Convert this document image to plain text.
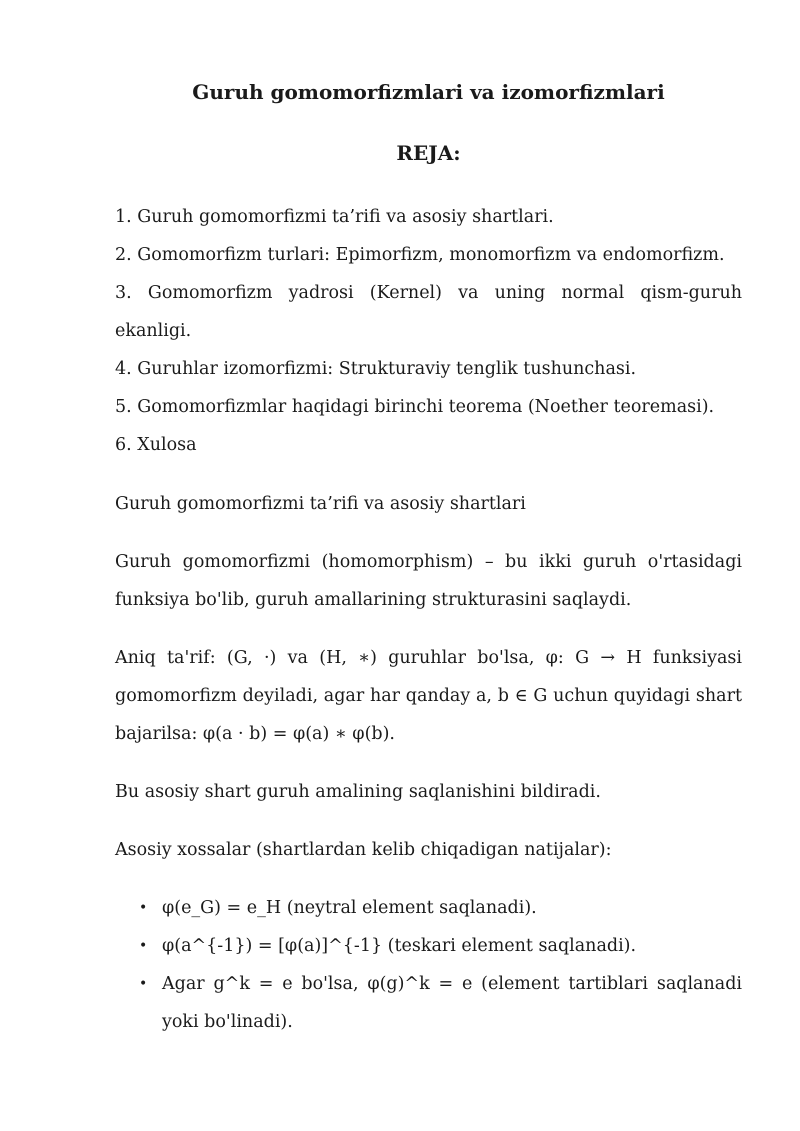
Guruh gomomorfizmlari va izomorfizmlari
REJA:
1. Guruh gomomorfizmi ta’rifi va asosiy shartlari.
2. Gomomorfizm turlari: Epimorfizm, monomorfizm va endomorfizm.
3. Gomomorfizm yadrosi (Kernel) va uning normal qism-guruh ekanligi.
4. Guruhlar izomorfizmi: Strukturaviy tenglik tushunchasi.
5. Gomomorfizmlar haqidagi birinchi teorema (Noether teoremasi).
6. Xulosa

Guruh gomomorfizmi ta’rifi va asosiy shartlari

Guruh gomomorfizmi (homomorphism) – bu ikki guruh o'rtasidagi funksiya bo'lib, guruh amallarining strukturasini saqlaydi.

Aniq ta'rif: (G, ·) va (H, ∗) guruhlar bo'lsa, φ: G → H funksiyasi gomomorfizm deyiladi, agar har qanday a, b ∈ G uchun quyidagi shart bajarilsa: φ(a · b) = φ(a) ∗ φ(b).

Bu asosiy shart guruh amalining saqlanishini bildiradi.

Asosiy xossalar (shartlardan kelib chiqadigan natijalar):

• φ(e_G) = e_H (neytral element saqlanadi).
• φ(a^{-1}) = [φ(a)]^{-1} (teskari element saqlanadi).
• Agar g^k = e bo'lsa, φ(g)^k = e (element tartiblari saqlanadi yoki bo'linadi).
